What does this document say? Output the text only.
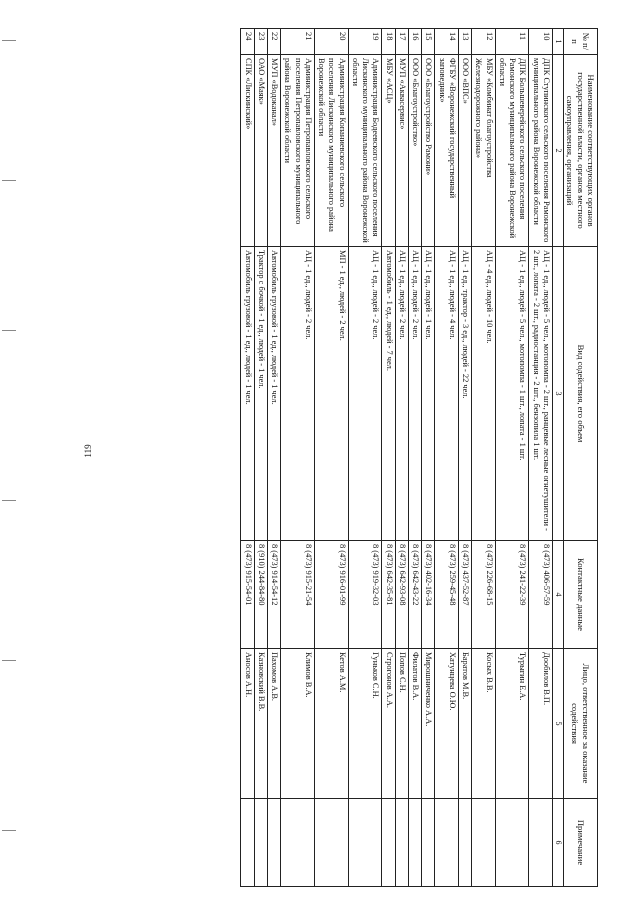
119
№ п/п	Наименование соответствующих органов государственной власти, органов местного самоуправления, организаций	Вид содействия, его объем	Контактные данные	Лицо, ответственное за оказание содействия	Примечание
1	2	3	4	5	6
10	ДПК Ступинского сельского поселения Рамонского муниципального района Воронежской области	АЦ - 1 ед., людей - 5 чел., мотопомпа - 2 шт., ранцевые лесные огнетушители - 2 шт., лопата - 2 шт., радиостанция - 2 шт., бензопила 1 шт.	8 (473) 406-57-59	Дообилов В.П.	
11	ДПК Большеверейского сельского поселения Рамонского муниципального района Воронежской области	АЦ - 1 ед., людей - 5 чел., мотопомпа - 1 шт., лопата - 1 шт.	8 (473) 241-22-39	Турыгин Е.А.	
12	МБУ «Комбинат благоустройства Железнодорожного района»	АЦ - 4 ед., людей - 10 чел.	8 (473) 226-68-15	Косых В.В.	
13	ООО «ВПС»	АЦ - 1 ед., трактор - 3 ед., людей - 22 чел.	8 (473) 437-52-87	Баратов М.В.	
14	ФГБУ «Воронежский государственный заповедник»	АЦ - 1 ед., людей - 4 чел.	8 (473) 259-45-48	Хатунцева О.Ю.	
15	ООО «Благоустройство Рамони»	АЦ - 1 ед., людей - 1 чел.	8 (473) 402-16-34	Мирошниченко А.А.	
16	ООО «Благоустройство»	АЦ - 1 ед., людей - 2 чел.	8 (473) 642-43-22	Филатов В.А.	
17	МУП «Аквасервис»	АЦ - 1 ед., людей - 2 чел.	8 (473) 642-93-08	Попов С.Н.	
18	МБУ «АСЦ»	Автомобиль - 1 ед., людей - 7 чел.	8 (473) 642-35-81	Строгонов А.А.	
19	Администрация Бодеевского сельского поселения Лискинского муниципального района Воронежской области	АЦ - 1 ед., людей - 2 чел.	8 (473) 919-32-03	Гуньков С.Н.	
20	Администрация Копаниевского сельского поселения Лискинского муниципального района Воронежской области	МП - 1 ед., людей - 2 чел.	8 (473) 916-01-99	Кетов А.М.	
21	Администрация Петропавловского сельского поселения Петропавловского муниципального района Воронежской области	АЦ - 1 ед., людей - 2 чел.	8 (473) 915-21-54	Климов В.А.	
22	МУП «Водоканал»	Автомобиль грузовой - 1 ед., людей - 1 чел.	8 (473) 914-54-12	Пахомов А.В.	
23	ОАО «Маяк»	Трактор с бочкой - 1 ед., людей - 1 чел.	8 (910) 244-84-80	Казновский В.В.	
24	СПК «Лискинский»	Автомобиль грузовой - 1 ед., людей - 1 чел.	8 (473) 915-54-01	Аносов А.Н.	
